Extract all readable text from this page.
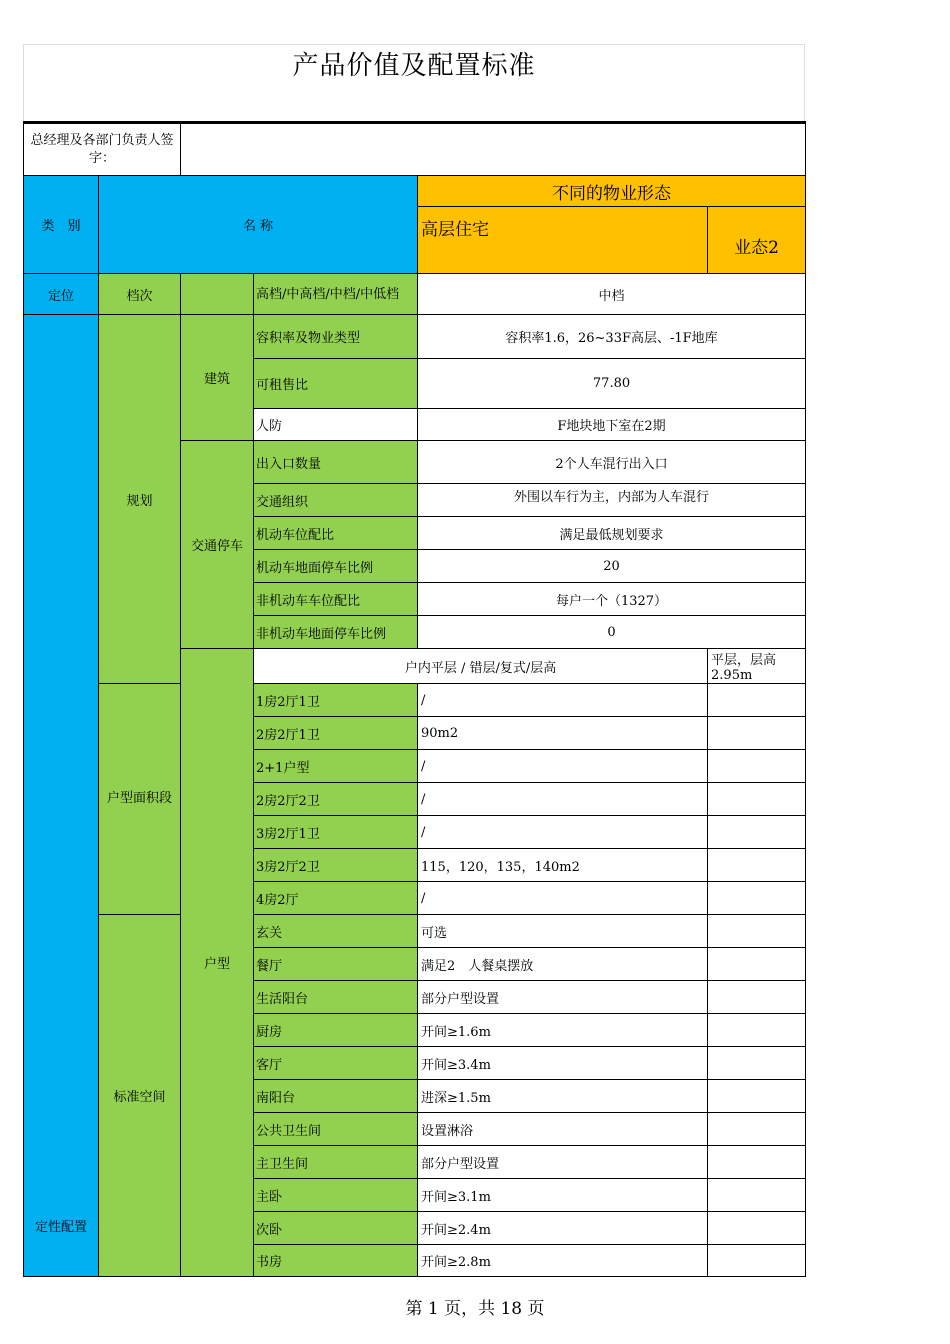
产品价值及配置标准
总经理及各部门负责人签字：						
类　别	名 称			不同的物业形态		
				高层住宅	业态2	
定位	档次		高档/中高档/中档/中低档	中档		
定性配置	规划	建筑	容积率及物业类型	容积率1.6，26~33F高层、-1F地库		
			可租售比	77.80		
			人防	F地块地下室在2期		
		交通停车	出入口数量	2个人车混行出入口		
			交通组织	外围以车行为主，内部为人车混行		
			机动车位配比	满足最低规划要求		
			机动车地面停车比例	20		
			非机动车车位配比	每户一个（1327）		
			非机动车地面停车比例	0		
		户型	户内平层 / 错层/复式/层高		平层，层高2.95m	
	户型面积段		1房2厅1卫	/		
			2房2厅1卫	90m2		
			2+1户型	/		
			2房2厅2卫	/		
			3房2厅1卫	/		
			3房2厅2卫	115，120，135，140m2		
			4房2厅	/		
	标准空间		玄关	可选		
			餐厅	满足2　人餐桌摆放		
			生活阳台	部分户型设置		
			厨房	开间≥1.6m		
			客厅	开间≥3.4m		
			南阳台	进深≥1.5m		
			公共卫生间	设置淋浴		
			主卫生间	部分户型设置		
			主卧	开间≥3.1m		
			次卧	开间≥2.4m		
			书房	开间≥2.8m		
第 1 页，共 18 页
